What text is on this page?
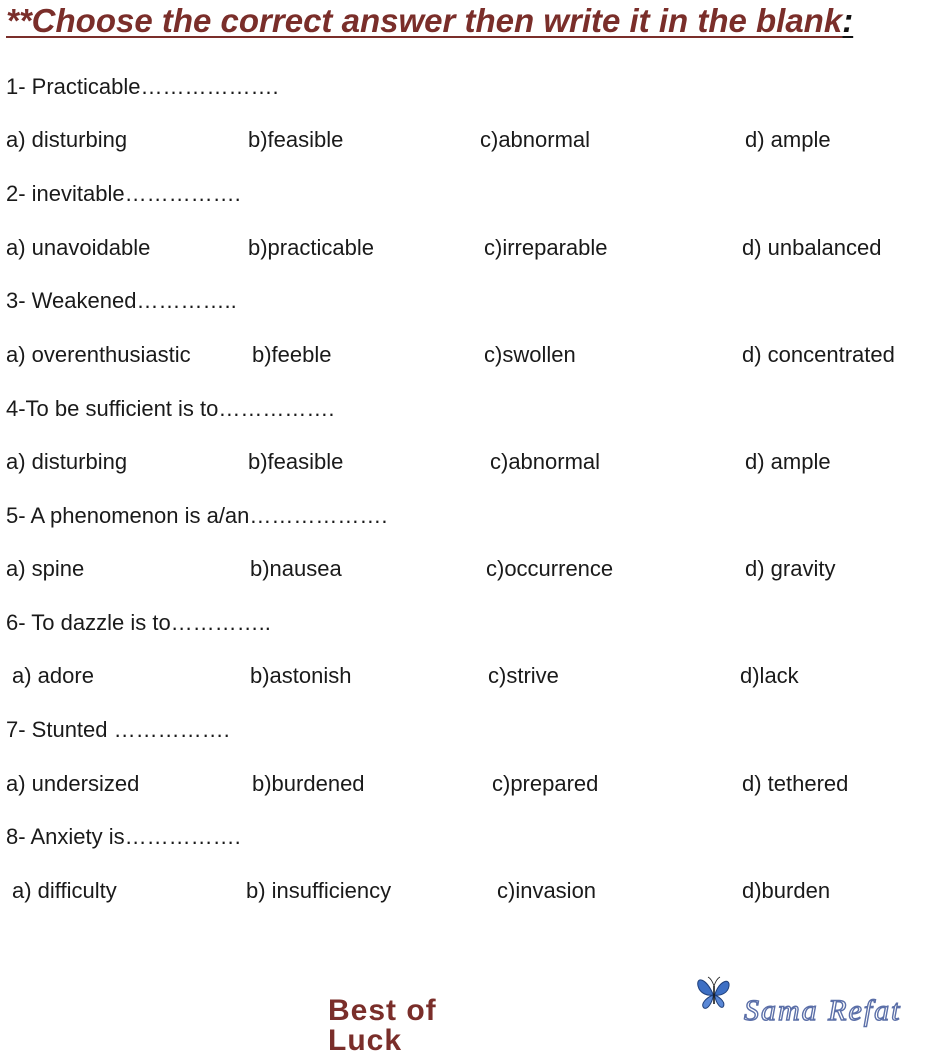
**Choose the correct answer then write it in the blank:
1- Practicable……………….
a) disturbing	b)feasible	c)abnormal	d) ample
2- inevitable…………….
a) unavoidable	b)practicable	c)irreparable	d) unbalanced
3- Weakened…………..
a) overenthusiastic	b)feeble	c)swollen	d) concentrated
4-To be sufficient is to…………….
a) disturbing	b)feasible	c)abnormal	d) ample
5- A phenomenon is a/an……………….
a) spine	b)nausea	c)occurrence	d) gravity
6- To dazzle is to…………..
a) adore	b)astonish	c)strive	d)lack
7- Stunted …………….
a) undersized	b)burdened	c)prepared	d) tethered
8- Anxiety is…………….
a) difficulty	b) insufficiency	c)invasion	d)burden
Best of Luck
Sama Refat
